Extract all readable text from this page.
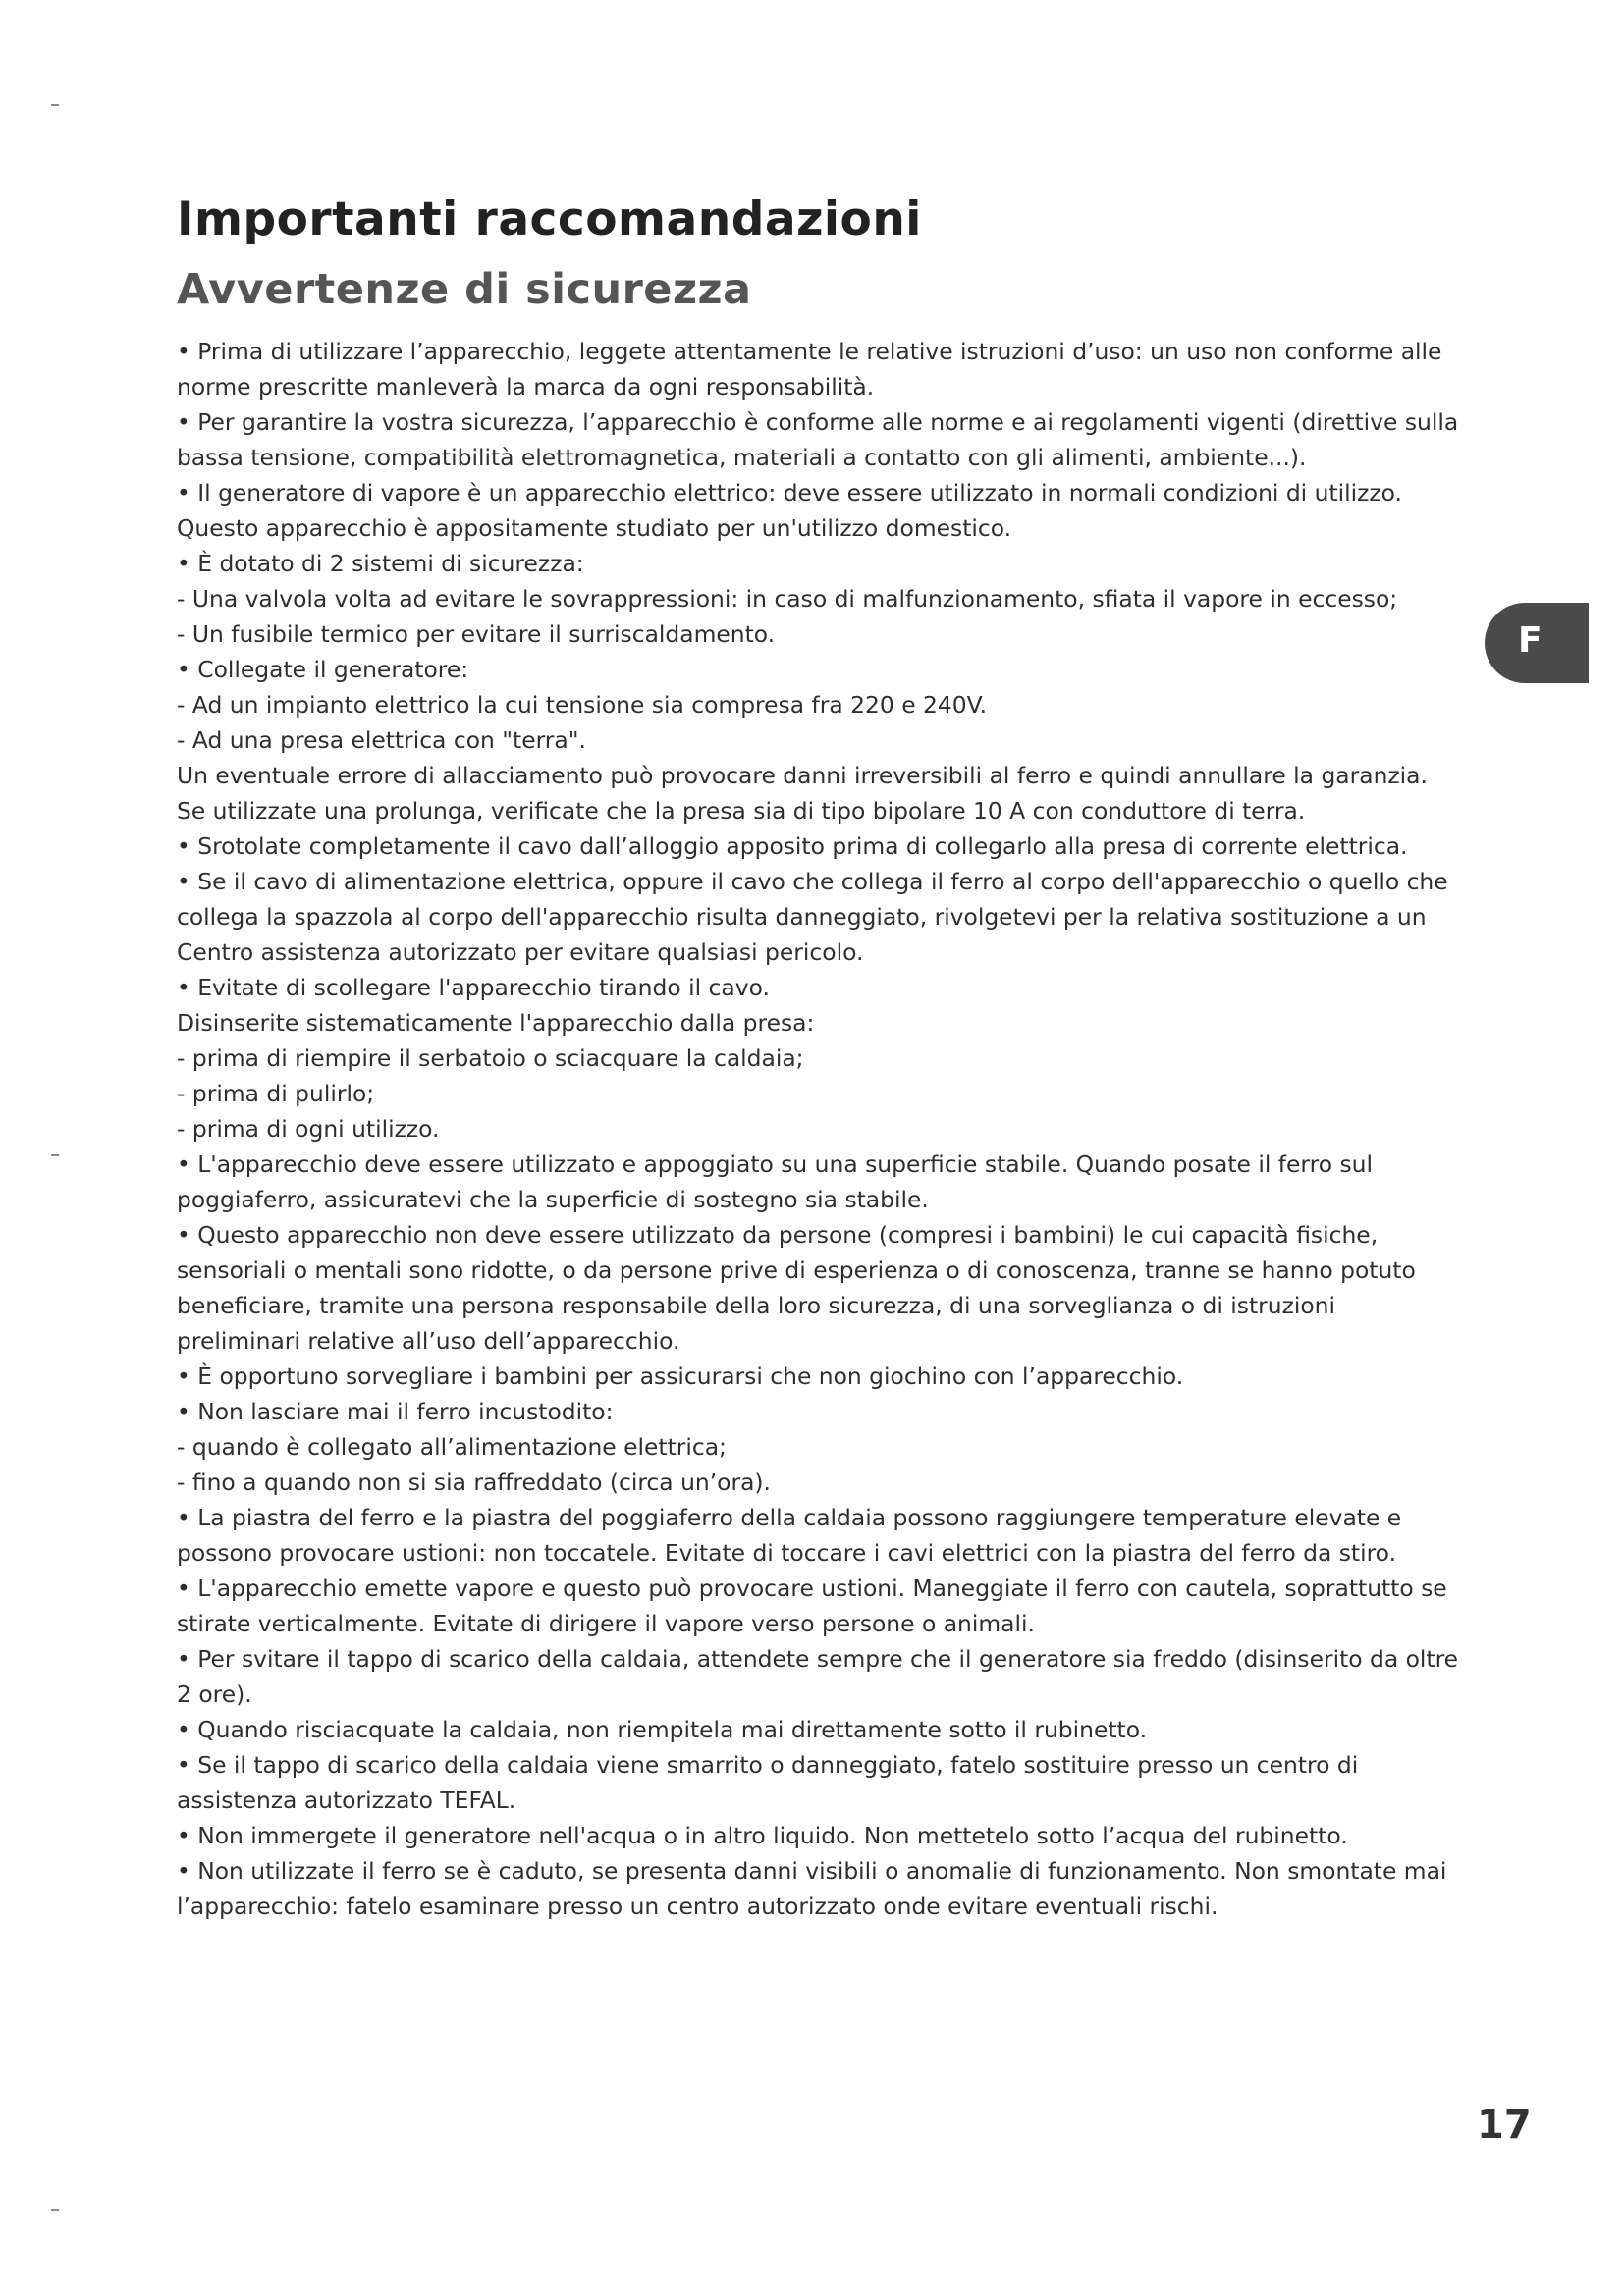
Importanti raccomandazioni
Avvertenze di sicurezza
F
• Prima di utilizzare l’apparecchio, leggete attentamente le relative istruzioni d’uso: un uso non conforme alle
norme prescritte manleverà la marca da ogni responsabilità.
• Per garantire la vostra sicurezza, l’apparecchio è conforme alle norme e ai regolamenti vigenti (direttive sulla
bassa tensione, compatibilità elettromagnetica, materiali a contatto con gli alimenti, ambiente...).
• Il generatore di vapore è un apparecchio elettrico: deve essere utilizzato in normali condizioni di utilizzo.
Questo apparecchio è appositamente studiato per un'utilizzo domestico.
• È dotato di 2 sistemi di sicurezza:
- Una valvola volta ad evitare le sovrappressioni: in caso di malfunzionamento, sfiata il vapore in eccesso;
- Un fusibile termico per evitare il surriscaldamento.
• Collegate il generatore:
- Ad un impianto elettrico la cui tensione sia compresa fra 220 e 240V.
- Ad una presa elettrica con "terra".
Un eventuale errore di allacciamento può provocare danni irreversibili al ferro e quindi annullare la garanzia.
Se utilizzate una prolunga, verificate che la presa sia di tipo bipolare 10 A con conduttore di terra.
• Srotolate completamente il cavo dall’alloggio apposito prima di collegarlo alla presa di corrente elettrica.
• Se il cavo di alimentazione elettrica, oppure il cavo che collega il ferro al corpo dell'apparecchio o quello che
collega la spazzola al corpo dell'apparecchio risulta danneggiato, rivolgetevi per la relativa sostituzione a un
Centro assistenza autorizzato per evitare qualsiasi pericolo.
• Evitate di scollegare l'apparecchio tirando il cavo.
Disinserite sistematicamente l'apparecchio dalla presa:
- prima di riempire il serbatoio o sciacquare la caldaia;
- prima di pulirlo;
- prima di ogni utilizzo.
• L'apparecchio deve essere utilizzato e appoggiato su una superficie stabile. Quando posate il ferro sul
poggiaferro, assicuratevi che la superficie di sostegno sia stabile.
• Questo apparecchio non deve essere utilizzato da persone (compresi i bambini) le cui capacità fisiche,
sensoriali o mentali sono ridotte, o da persone prive di esperienza o di conoscenza, tranne se hanno potuto
beneficiare, tramite una persona responsabile della loro sicurezza, di una sorveglianza o di istruzioni
preliminari relative all’uso dell’apparecchio.
• È opportuno sorvegliare i bambini per assicurarsi che non giochino con l’apparecchio.
• Non lasciare mai il ferro incustodito:
- quando è collegato all’alimentazione elettrica;
- fino a quando non si sia raffreddato (circa un’ora).
• La piastra del ferro e la piastra del poggiaferro della caldaia possono raggiungere temperature elevate e
possono provocare ustioni: non toccatele. Evitate di toccare i cavi elettrici con la piastra del ferro da stiro.
• L'apparecchio emette vapore e questo può provocare ustioni. Maneggiate il ferro con cautela, soprattutto se
stirate verticalmente. Evitate di dirigere il vapore verso persone o animali.
• Per svitare il tappo di scarico della caldaia, attendete sempre che il generatore sia freddo (disinserito da oltre
2 ore).
• Quando risciacquate la caldaia, non riempitela mai direttamente sotto il rubinetto.
• Se il tappo di scarico della caldaia viene smarrito o danneggiato, fatelo sostituire presso un centro di
assistenza autorizzato TEFAL.
• Non immergete il generatore nell'acqua o in altro liquido. Non mettetelo sotto l’acqua del rubinetto.
• Non utilizzate il ferro se è caduto, se presenta danni visibili o anomalie di funzionamento. Non smontate mai
l’apparecchio: fatelo esaminare presso un centro autorizzato onde evitare eventuali rischi.
17
